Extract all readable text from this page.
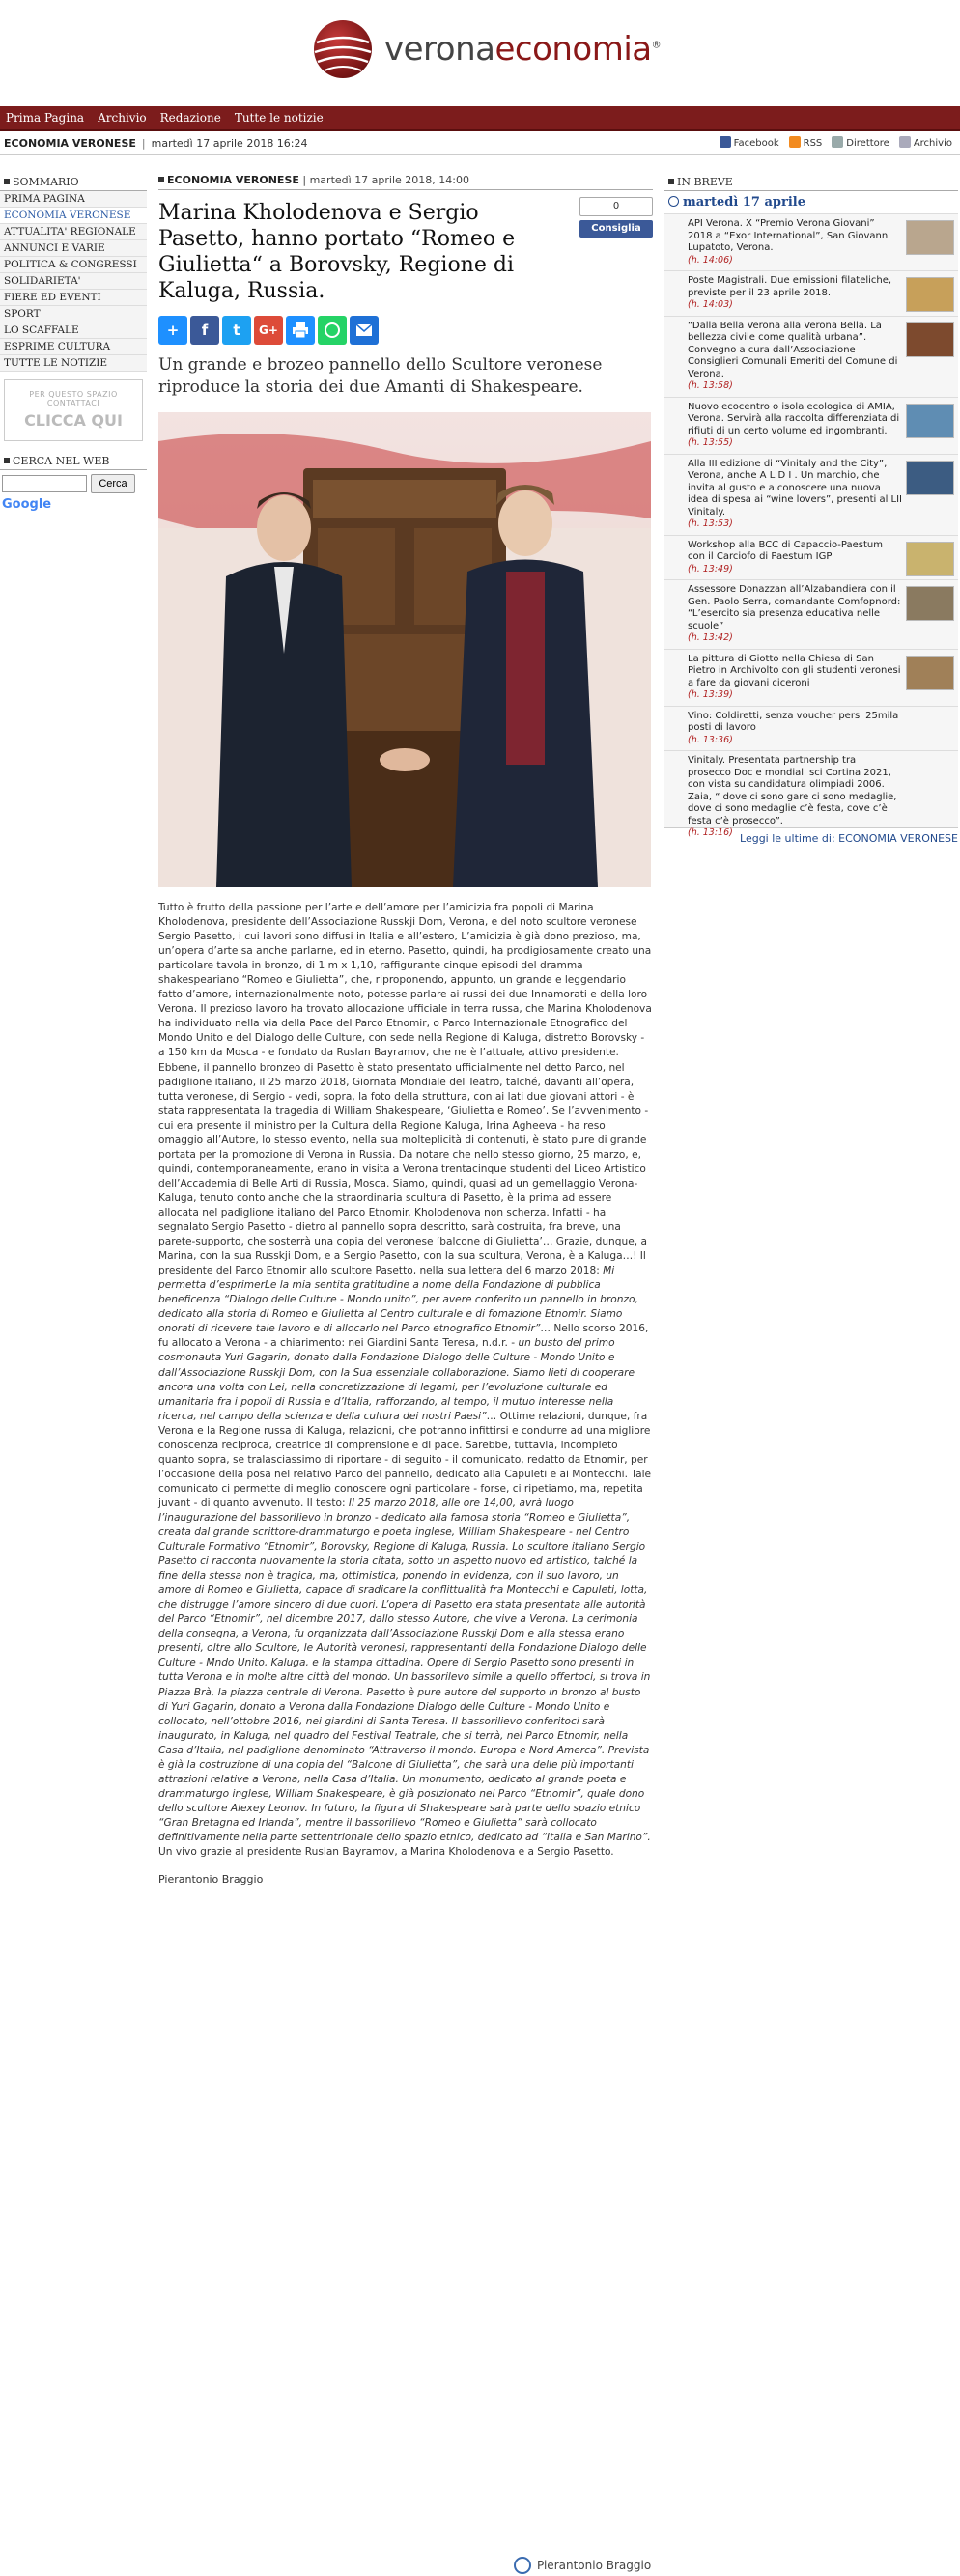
veronaeconomia®
Prima Pagina Archivio Redazione Tutte le notizie
ECONOMIA VERONESE | martedì 17 aprile 2018 16:24	Facebook	RSS	Direttore	Archivio
SOMMARIO
PRIMA PAGINA
ECONOMIA VERONESE
ATTUALITA' REGIONALE
ANNUNCI E VARIE
POLITICA & CONGRESSI
SOLIDARIETA'
FIERE ED EVENTI
SPORT
LO SCAFFALE
ESPRIME CULTURA
TUTTE LE NOTIZIE
PER QUESTO SPAZIO
CONTATTACI
CLICCA QUI
CERCA NEL WEB
Cerca
Google
ECONOMIA VERONESE | martedì 17 aprile 2018, 14:00
Marina Kholodenova e Sergio Pasetto, hanno portato “Romeo e Giulietta“ a Borovsky, Regione di Kaluga, Russia.
0
Consiglia
+ f t G+
Un grande e brozeo pannello dello Scultore veronese riproduce la storia dei due Amanti di Shakespeare.
Tutto è frutto della passione per l’arte e dell’amore per l’amicizia fra popoli di Marina Kholodenova, presidente dell’Associazione Russkji Dom, Verona, e del noto scultore veronese Sergio Pasetto, i cui lavori sono diffusi in Italia e all’estero, L’amicizia è già dono prezioso, ma, un’opera d’arte sa anche parlarne, ed in eterno. Pasetto, quindi, ha prodigiosamente creato una particolare tavola in bronzo, di 1 m x 1,10, raffigurante cinque episodi del dramma shakespeariano “Romeo e Giulietta”, che, riproponendo, appunto, un grande e leggendario fatto d’amore, internazionalmente noto, potesse parlare ai russi dei due Innamorati e della loro Verona. Il prezioso lavoro ha trovato allocazione ufficiale in terra russa, che Marina Kholodenova ha individuato nella via della Pace del Parco Etnomir, o Parco Internazionale Etnografico del Mondo Unito e del Dialogo delle Culture, con sede nella Regione di Kaluga, distretto Borovsky - a 150 km da Mosca - e fondato da Ruslan Bayramov, che ne è l’attuale, attivo presidente. Ebbene, il pannello bronzeo di Pasetto è stato presentato ufficialmente nel detto Parco, nel padiglione italiano, il 25 marzo 2018, Giornata Mondiale del Teatro, talché, davanti all’opera, tutta veronese, di Sergio - vedi, sopra, la foto della struttura, con ai lati due giovani attori - è stata rappresentata la tragedia di William Shakespeare, ‘Giulietta e Romeo’. Se l’avvenimento - cui era presente il ministro per la Cultura della Regione Kaluga, Irina Agheeva - ha reso omaggio all’Autore, lo stesso evento, nella sua molteplicità di contenuti, è stato pure di grande portata per la promozione di Verona in Russia. Da notare che nello stesso giorno, 25 marzo, e, quindi, contemporaneamente, erano in visita a Verona trentacinque studenti del Liceo Artistico dell’Accademia di Belle Arti di Russia, Mosca. Siamo, quindi, quasi ad un gemellaggio Verona-Kaluga, tenuto conto anche che la straordinaria scultura di Pasetto, è la prima ad essere allocata nel padiglione italiano del Parco Etnomir. Kholodenova non scherza. Infatti - ha segnalato Sergio Pasetto - dietro al pannello sopra descritto, sarà costruita, fra breve, una parete-supporto, che sosterrà una copia del veronese ‘balcone di Giulietta’… Grazie, dunque, a Marina, con la sua Russkji Dom, e a Sergio Pasetto, con la sua scultura, Verona, è a Kaluga…! Il presidente del Parco Etnomir allo scultore Pasetto, nella sua lettera del 6 marzo 2018: Mi permetta d’esprimerLe la mia sentita gratitudine a nome della Fondazione di pubblica beneficenza “Dialogo delle Culture - Mondo unito”, per avere conferito un pannello in bronzo, dedicato alla storia di Romeo e Giulietta al Centro culturale e di fomazione Etnomir. Siamo onorati di ricevere tale lavoro e di allocarlo nel Parco etnografico Etnomir”… Nello scorso 2016, fu allocato a Verona - a chiarimento: nei Giardini Santa Teresa, n.d.r. - un busto del primo cosmonauta Yuri Gagarin, donato dalla Fondazione Dialogo delle Culture - Mondo Unito e dall’Associazione Russkji Dom, con la Sua essenziale collaborazione. Siamo lieti di cooperare ancora una volta con Lei, nella concretizzazione di legami, per l’evoluzione culturale ed umanitaria fra i popoli di Russia e d’Italia, rafforzando, al tempo, il mutuo interesse nella ricerca, nel campo della scienza e della cultura dei nostri Paesi”… Ottime relazioni, dunque, fra Verona e la Regione russa di Kaluga, relazioni, che potranno infittirsi e condurre ad una migliore conoscenza reciproca, creatrice di comprensione e di pace. Sarebbe, tuttavia, incompleto quanto sopra, se tralasciassimo di riportare - di seguito - il comunicato, redatto da Etnomir, per l’occasione della posa nel relativo Parco del pannello, dedicato alla Capuleti e ai Montecchi. Tale comunicato ci permette di meglio conoscere ogni particolare - forse, ci ripetiamo, ma, repetita juvant - di quanto avvenuto. Il testo: Il 25 marzo 2018, alle ore 14,00, avrà luogo l’inaugurazione del bassorilievo in bronzo - dedicato alla famosa storia “Romeo e Giulietta”, creata dal grande scrittore-drammaturgo e poeta inglese, William Shakespeare - nel Centro Culturale Formativo “Etnomir”, Borovsky, Regione di Kaluga, Russia. Lo scultore italiano Sergio Pasetto ci racconta nuovamente la storia citata, sotto un aspetto nuovo ed artistico, talché la fine della stessa non è tragica, ma, ottimistica, ponendo in evidenza, con il suo lavoro, un amore di Romeo e Giulietta, capace di sradicare la conflittualità fra Montecchi e Capuleti, lotta, che distrugge l’amore sincero di due cuori. L’opera di Pasetto era stata presentata alle autorità del Parco “Etnomir”, nel dicembre 2017, dallo stesso Autore, che vive a Verona. La cerimonia della consegna, a Verona, fu organizzata dall’Associazione Russkji Dom e alla stessa erano presenti, oltre allo Scultore, le Autorità veronesi, rappresentanti della Fondazione Dialogo delle Culture - Mndo Unito, Kaluga, e la stampa cittadina. Opere di Sergio Pasetto sono presenti in tutta Verona e in molte altre città del mondo. Un bassorilevo simile a quello offertoci, si trova in Piazza Brà, la piazza centrale di Verona. Pasetto è pure autore del supporto in bronzo al busto di Yuri Gagarin, donato a Verona dalla Fondazione Dialogo delle Culture - Mondo Unito e collocato, nell’ottobre 2016, nei giardini di Santa Teresa. Il bassorilievo conferitoci sarà inaugurato, in Kaluga, nel quadro del Festival Teatrale, che si terrà, nel Parco Etnomir, nella Casa d’Italia, nel padiglione denominato “Attraverso il mondo. Europa e Nord Amerca”. Prevista è già la costruzione di una copia del “Balcone di Giulietta”, che sarà una delle più importanti attrazioni relative a Verona, nella Casa d’Italia. Un monumento, dedicato al grande poeta e drammaturgo inglese, William Shakespeare, è già posizionato nel Parco “Etnomir”, quale dono dello scultore Alexey Leonov. In futuro, la figura di Shakespeare sarà parte dello spazio etnico “Gran Bretagna ed Irlanda”, mentre il bassorilievo “Romeo e Giulietta” sarà collocato definitivamente nella parte settentrionale dello spazio etnico, dedicato ad “Italia e San Marino”. Un vivo grazie al presidente Ruslan Bayramov, a Marina Kholodenova e a Sergio Pasetto.
Pierantonio Braggio
IN BREVE
martedì 17 aprile
API Verona. X “Premio Verona Giovani” 2018 a “Exor International”, San Giovanni Lupatoto, Verona.
(h. 14:06)
Poste Magistrali. Due emissioni filateliche, previste per il 23 aprile 2018.
(h. 14:03)
“Dalla Bella Verona alla Verona Bella. La bellezza civile come qualità urbana”. Convegno a cura dall’Associazione Consiglieri Comunali Emeriti del Comune di Verona.
(h. 13:58)
Nuovo ecocentro o isola ecologica di AMIA, Verona. Servirà alla raccolta differenziata di rifiuti di un certo volume ed ingombranti.
(h. 13:55)
Alla III edizione di “Vinitaly and the City”, Verona, anche A L D I . Un marchio, che invita al gusto e a conoscere una nuova idea di spesa ai “wine lovers”, presenti al LII Vinitaly.
(h. 13:53)
Workshop alla BCC di Capaccio-Paestum con il Carciofo di Paestum IGP
(h. 13:49)
Assessore Donazzan all’Alzabandiera con il Gen. Paolo Serra, comandante Comfopnord: “L’esercito sia presenza educativa nelle scuole”
(h. 13:42)
La pittura di Giotto nella Chiesa di San Pietro in Archivolto con gli studenti veronesi a fare da giovani ciceroni
(h. 13:39)
Vino: Coldiretti, senza voucher persi 25mila posti di lavoro
(h. 13:36)
Vinitaly. Presentata partnership tra prosecco Doc e mondiali sci Cortina 2021, con vista su candidatura olimpiadi 2006. Zaia, “ dove ci sono gare ci sono medaglie, dove ci sono medaglie c’è festa, cove c’è festa c’è prosecco”.
(h. 13:16) Leggi le ultime di: ECONOMIA VERONESE
Pierantonio Braggio
